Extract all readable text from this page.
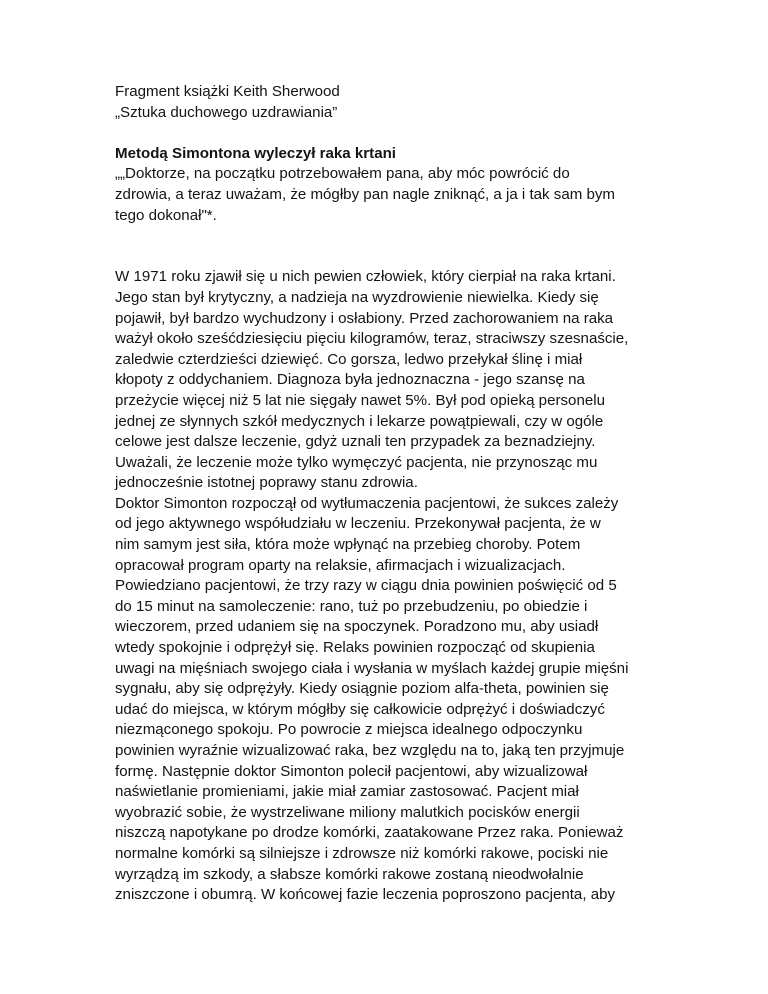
Fragment książki Keith Sherwood
„Sztuka duchowego uzdrawiania”
Metodą Simontona wyleczył raka krtani
„„Doktorze, na początku potrzebowałem pana, aby móc powrócić do
zdrowia, a teraz uważam, że mógłby pan nagle zniknąć, a ja i tak sam bym
tego dokonał"*.
W 1971 roku zjawił się u nich pewien człowiek, który cierpiał na raka krtani.
Jego stan był krytyczny, a nadzieja na wyzdrowienie niewielka. Kiedy się
pojawił, był bardzo wychudzony i osłabiony. Przed zachorowaniem na raka
ważył około sześćdziesięciu pięciu kilogramów, teraz, straciwszy szesnaście,
zaledwie czterdzieści dziewięć. Co gorsza, ledwo przełykał ślinę i miał
kłopoty z oddychaniem. Diagnoza była jednoznaczna - jego szansę na
przeżycie więcej niż 5 lat nie sięgały nawet 5%. Był pod opieką personelu
jednej ze słynnych szkół medycznych i lekarze powątpiewali, czy w ogóle
celowe jest dalsze leczenie, gdyż uznali ten przypadek za beznadziejny.
Uważali, że leczenie może tylko wymęczyć pacjenta, nie przynosząc mu
jednocześnie istotnej poprawy stanu zdrowia.
Doktor Simonton rozpoczął od wytłumaczenia pacjentowi, że sukces zależy
od jego aktywnego współudziału w leczeniu. Przekonywał pacjenta, że w
nim samym jest siła, która może wpłynąć na przebieg choroby. Potem
opracował program oparty na relaksie, afirmacjach i wizualizacjach.
Powiedziano pacjentowi, że trzy razy w ciągu dnia powinien poświęcić od 5
do 15 minut na samoleczenie: rano, tuż po przebudzeniu, po obiedzie i
wieczorem, przed udaniem się na spoczynek. Poradzono mu, aby usiadł
wtedy spokojnie i odprężył się. Relaks powinien rozpocząć od skupienia
uwagi na mięśniach swojego ciała i wysłania w myślach każdej grupie mięśni
sygnału, aby się odprężyły. Kiedy osiągnie poziom alfa-theta, powinien się
udać do miejsca, w którym mógłby się całkowicie odprężyć i doświadczyć
niezmąconego spokoju. Po powrocie z miejsca idealnego odpoczynku
powinien wyraźnie wizualizować raka, bez względu na to, jaką ten przyjmuje
formę. Następnie doktor Simonton polecił pacjentowi, aby wizualizował
naświetlanie promieniami, jakie miał zamiar zastosować. Pacjent miał
wyobrazić sobie, że wystrzeliwane miliony malutkich pocisków energii
niszczą napotykane po drodze komórki, zaatakowane Przez raka. Ponieważ
normalne komórki są silniejsze i zdrowsze niż komórki rakowe, pociski nie
wyrządzą im szkody, a słabsze komórki rakowe zostaną nieodwołalnie
zniszczone i obumrą. W końcowej fazie leczenia poproszono pacjenta, aby
